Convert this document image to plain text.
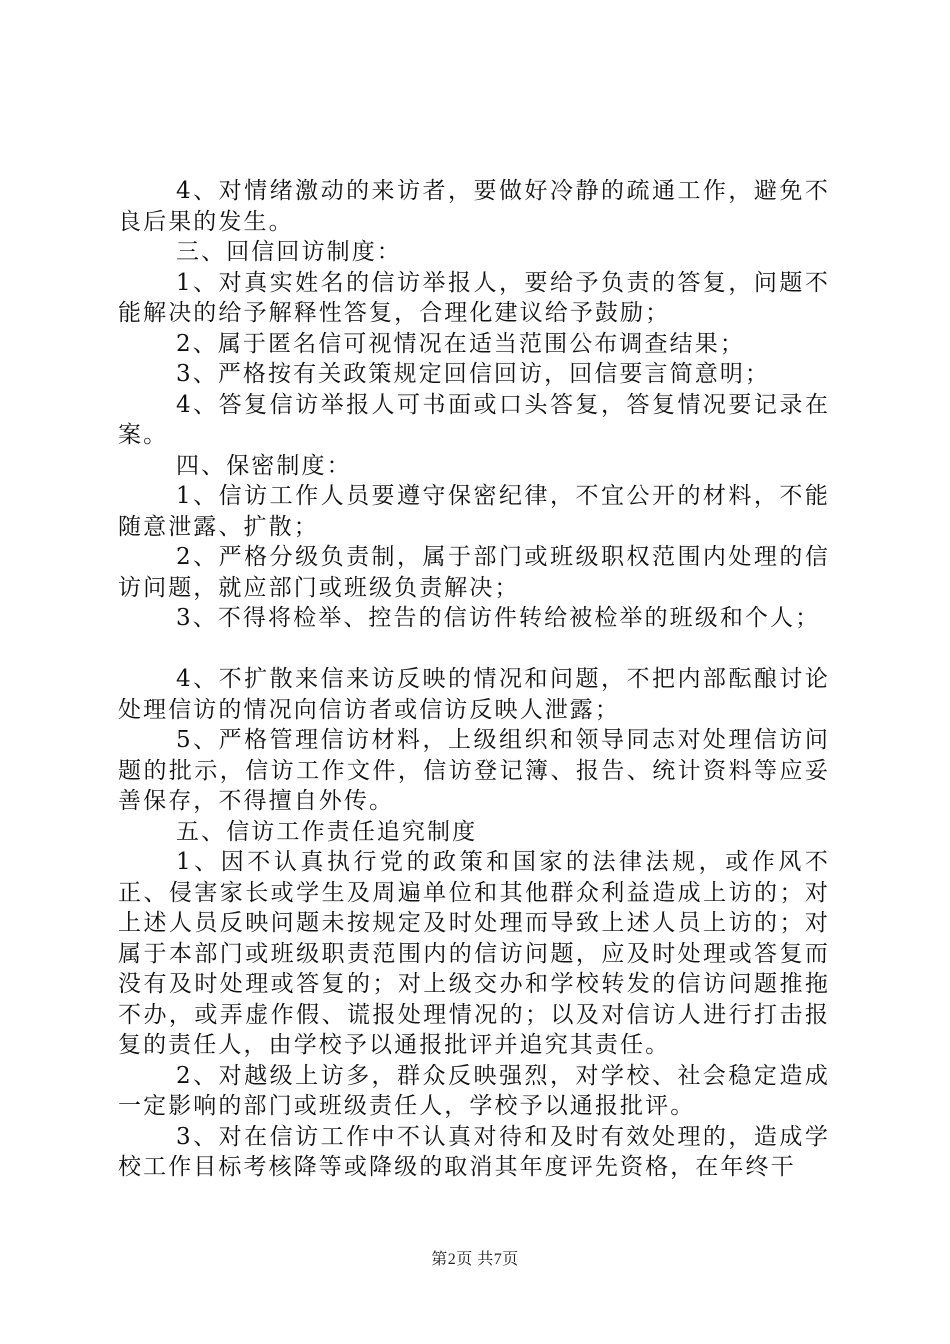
4、对情绪激动的来访者，要做好冷静的疏通工作，避免不良后果的发生。

三、回信回访制度：

1、对真实姓名的信访举报人，要给予负责的答复，问题不能解决的给予解释性答复，合理化建议给予鼓励；

2、属于匿名信可视情况在适当范围公布调查结果；

3、严格按有关政策规定回信回访，回信要言简意明；

4、答复信访举报人可书面或口头答复，答复情况要记录在案。

四、保密制度：

1、信访工作人员要遵守保密纪律，不宜公开的材料，不能随意泄露、扩散；

2、严格分级负责制，属于部门或班级职权范围内处理的信访问题，就应部门或班级负责解决；

3、不得将检举、控告的信访件转给被检举的班级和个人；

4、不扩散来信来访反映的情况和问题，不把内部酝酿讨论处理信访的情况向信访者或信访反映人泄露；

5、严格管理信访材料，上级组织和领导同志对处理信访问题的批示，信访工作文件，信访登记簿、报告、统计资料等应妥善保存，不得擅自外传。

五、信访工作责任追究制度

1、因不认真执行党的政策和国家的法律法规，或作风不正、侵害家长或学生及周遍单位和其他群众利益造成上访的；对上述人员反映问题未按规定及时处理而导致上述人员上访的；对属于本部门或班级职责范围内的信访问题，应及时处理或答复而没有及时处理或答复的；对上级交办和学校转发的信访问题推拖不办，或弄虚作假、谎报处理情况的；以及对信访人进行打击报复的责任人，由学校予以通报批评并追究其责任。

2、对越级上访多，群众反映强烈，对学校、社会稳定造成一定影响的部门或班级责任人，学校予以通报批评。

3、对在信访工作中不认真对待和及时有效处理的，造成学校工作目标考核降等或降级的取消其年度评先资格，在年终干

第2页 共7页
